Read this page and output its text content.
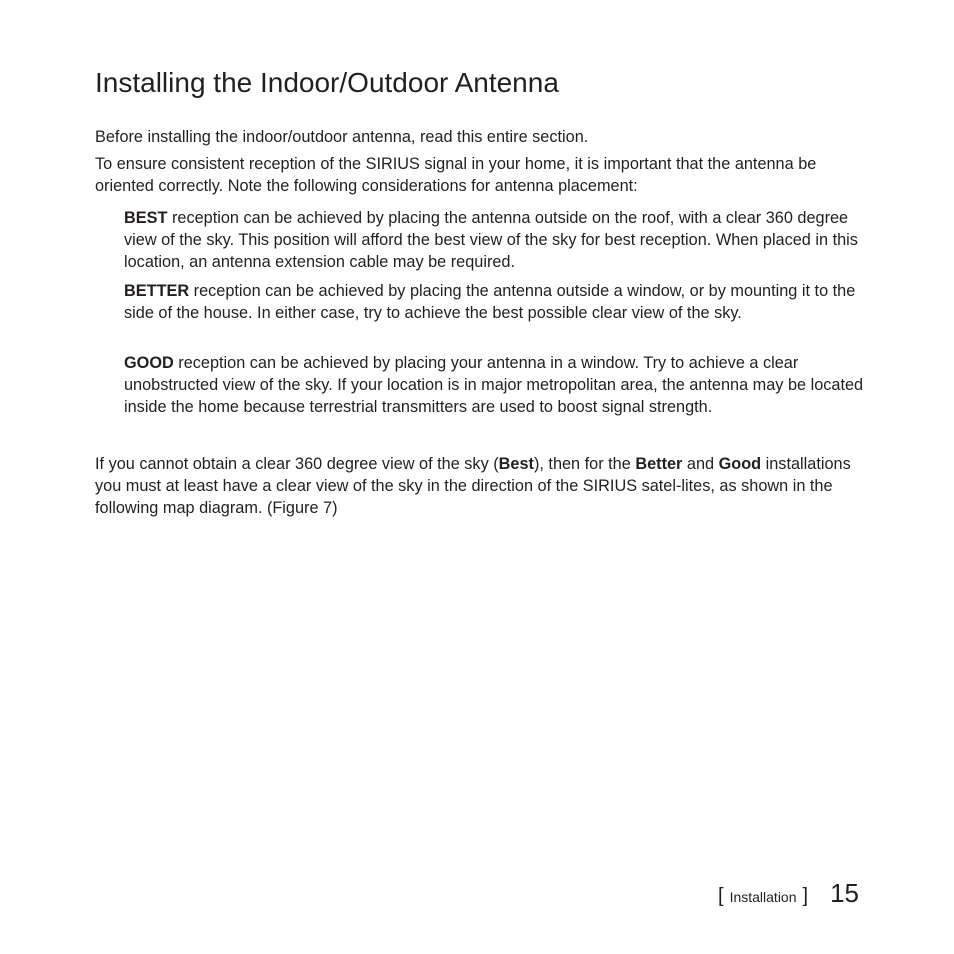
Installing the Indoor/Outdoor Antenna

Before installing the indoor/outdoor antenna, read this entire section.

To ensure consistent reception of the SIRIUS signal in your home, it is important that the antenna be oriented correctly. Note the following considerations for antenna placement:

BEST reception can be achieved by placing the antenna outside on the roof, with a clear 360 degree view of the sky. This position will afford the best view of the sky for best reception. When placed in this location, an antenna extension cable may be required.

BETTER reception can be achieved by placing the antenna outside a window, or by mounting it to the side of the house. In either case, try to achieve the best possible clear view of the sky.

GOOD reception can be achieved by placing your antenna in a window. Try to achieve a clear unobstructed view of the sky. If your location is in major metropolitan area, the antenna may be located inside the home because terrestrial transmitters are used to boost signal strength.

If you cannot obtain a clear 360 degree view of the sky (Best), then for the Better and Good installations you must at least have a clear view of the sky in the direction of the SIRIUS satel-lites, as shown in the following map diagram. (Figure 7)

[ Installation ] 15
